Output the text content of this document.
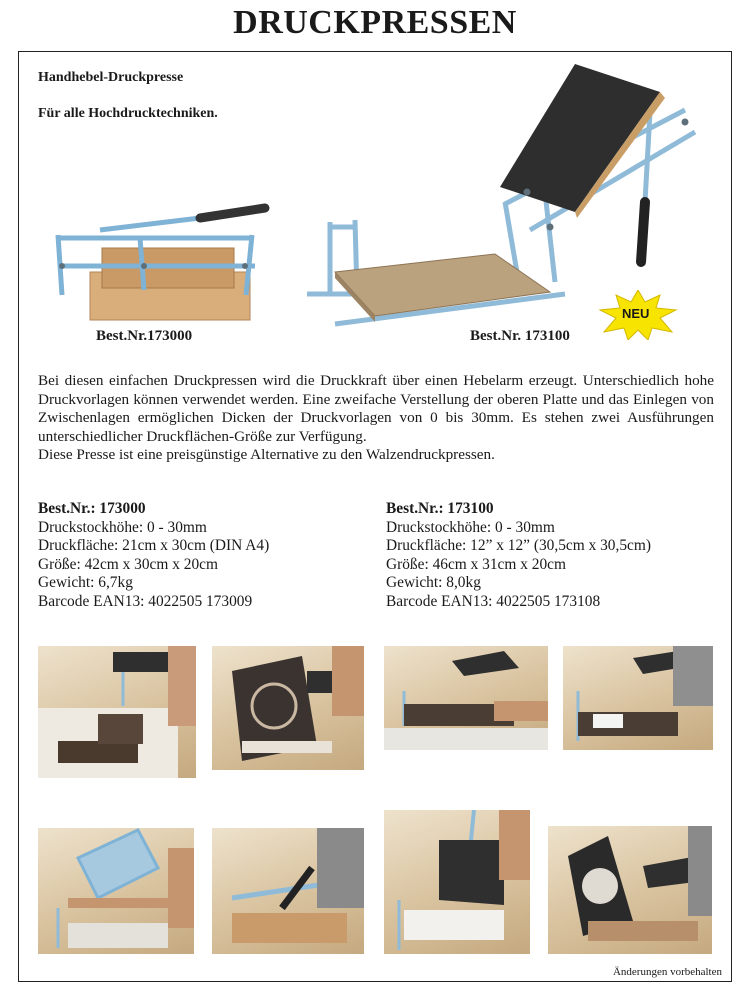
DRUCKPRESSEN
Handhebel-Druckpresse
Für alle Hochdrucktechniken.
Best.Nr.173000	Best.Nr. 173100
NEU

Bei diesen einfachen Druckpressen wird die Druckkraft über einen Hebelarm erzeugt. Unterschiedlich hohe Druckvorlagen können verwendet werden. Eine zweifache Verstellung der oberen Platte und das Einlegen von Zwischenlagen ermöglichen Dicken der Druckvorlagen von 0 bis 30mm. Es stehen zwei Ausführungen unterschiedlicher Druckflächen-Größe zur Verfügung.

Diese Presse ist eine preisgünstige Alternative zu den Walzendruckpressen.

Best.Nr.: 173000
Druckstockhöhe: 0 - 30mm
Druckfläche: 21cm x 30cm (DIN A4)
Größe: 42cm x 30cm x 20cm
Gewicht: 6,7kg
Barcode EAN13: 4022505 173009
Best.Nr.: 173100
Druckstockhöhe: 0 - 30mm
Druckfläche: 12” x 12” (30,5cm x 30,5cm)
Größe: 46cm x 31cm x 20cm
Gewicht: 8,0kg
Barcode EAN13: 4022505 173108
Änderungen vorbehalten
